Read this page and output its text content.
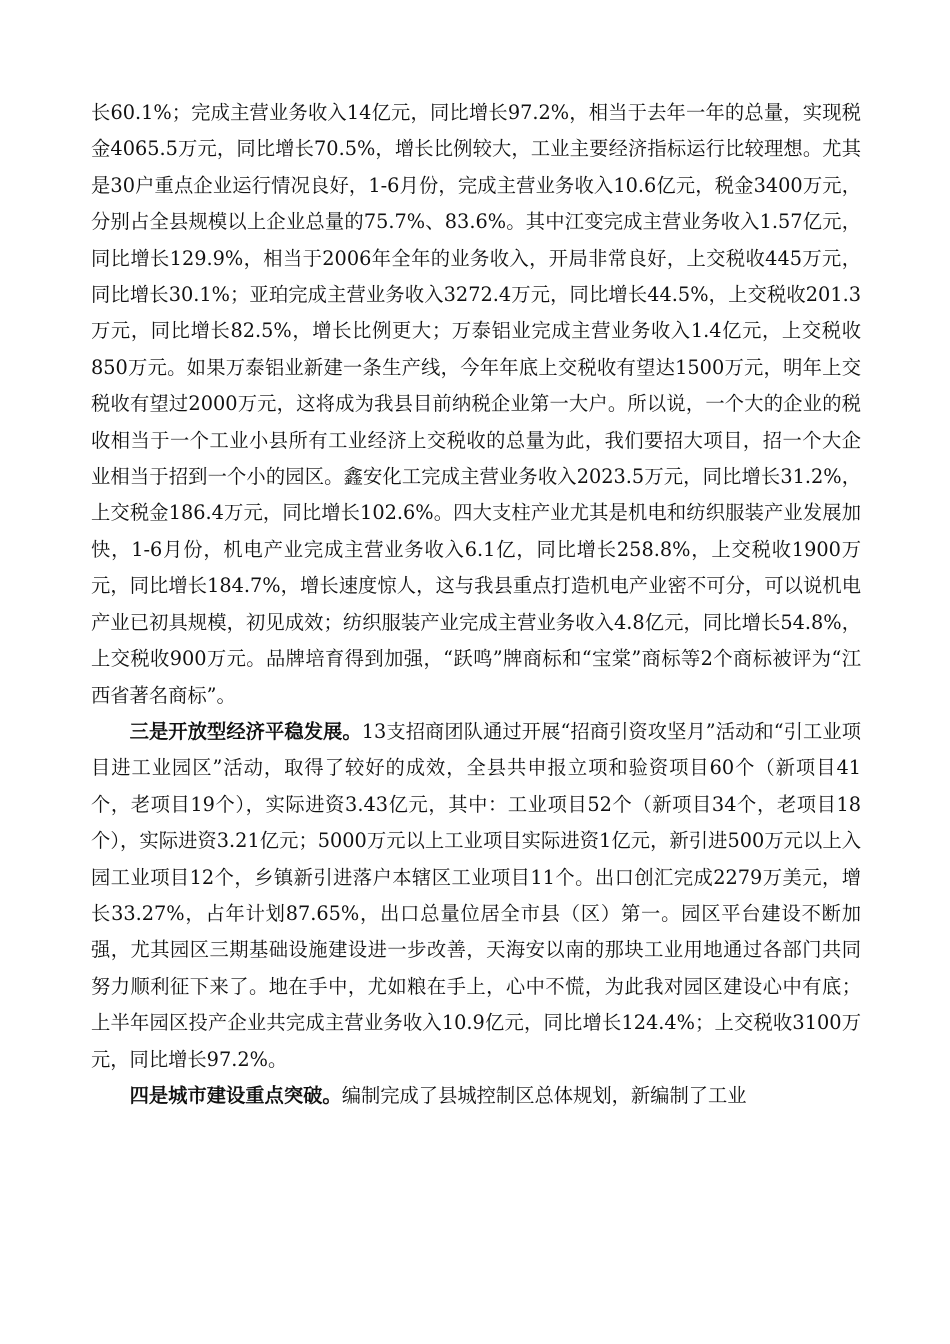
长60.1%；完成主营业务收入14亿元，同比增长97.2%，相当于去年一年的总量，实现税金4065.5万元，同比增长70.5%，增长比例较大，工业主要经济指标运行比较理想。尤其是30户重点企业运行情况良好，1-6月份，完成主营业务收入10.6亿元，税金3400万元，分别占全县规模以上企业总量的75.7%、83.6%。其中江变完成主营业务收入1.57亿元，同比增长129.9%，相当于2006年全年的业务收入，开局非常良好，上交税收445万元，同比增长30.1%；亚珀完成主营业务收入3272.4万元，同比增长44.5%，上交税收201.3万元，同比增长82.5%，增长比例更大；万泰铝业完成主营业务收入1.4亿元，上交税收850万元。如果万泰铝业新建一条生产线，今年年底上交税收有望达1500万元，明年上交税收有望过2000万元，这将成为我县目前纳税企业第一大户。所以说，一个大的企业的税收相当于一个工业小县所有工业经济上交税收的总量为此，我们要招大项目，招一个大企业相当于招到一个小的园区。鑫安化工完成主营业务收入2023.5万元，同比增长31.2%，上交税金186.4万元，同比增长102.6%。四大支柱产业尤其是机电和纺织服装产业发展加快，1-6月份，机电产业完成主营业务收入6.1亿，同比增长258.8%，上交税收1900万元，同比增长184.7%，增长速度惊人，这与我县重点打造机电产业密不可分，可以说机电产业已初具规模，初见成效；纺织服装产业完成主营业务收入4.8亿元，同比增长54.8%，上交税收900万元。品牌培育得到加强，“跃鸣”牌商标和“宝棠”商标等2个商标被评为“江西省著名商标”。

三是开放型经济平稳发展。13支招商团队通过开展“招商引资攻坚月”活动和“引工业项目进工业园区”活动，取得了较好的成效，全县共申报立项和验资项目60个（新项目41个，老项目19个），实际进资3.43亿元，其中：工业项目52个（新项目34个，老项目18个），实际进资3.21亿元；5000万元以上工业项目实际进资1亿元，新引进500万元以上入园工业项目12个，乡镇新引进落户本辖区工业项目11个。出口创汇完成2279万美元，增长33.27%，占年计划87.65%，出口总量位居全市县（区）第一。园区平台建设不断加强，尤其园区三期基础设施建设进一步改善，天海安以南的那块工业用地通过各部门共同努力顺利征下来了。地在手中，尤如粮在手上，心中不慌，为此我对园区建设心中有底；上半年园区投产企业共完成主营业务收入10.9亿元，同比增长124.4%；上交税收3100万元，同比增长97.2%。

四是城市建设重点突破。编制完成了县城控制区总体规划，新编制了工业
